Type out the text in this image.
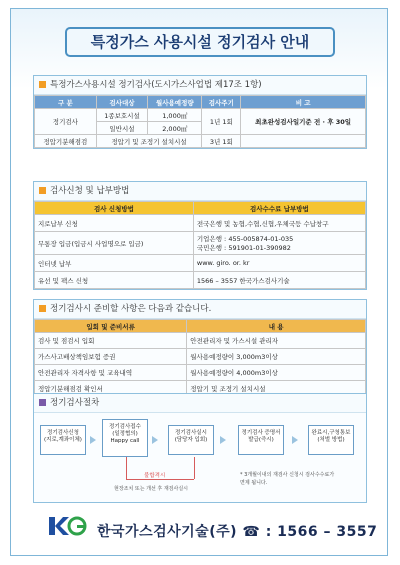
특정가스 사용시설 정기검사 안내
특정가스사용시설 정기검사(도시가스사업법 제17조 1항)
구 분	검사대상	월사용예정량	검사주기	비 고
정기검사	1종보호시설	1,000㎥	1년 1회	최초완성검사일기준 전 · 후 30일
	일반시설	2,000㎥		
정압기분해점검	정압기 및 조정기 설치시설		3년 1회	
검사신청 및 납부방법
검사 신청방법	검사수수료 납부방법
지로납부 신청	전국은행 및 농협,수협,신협,우체국등 수납창구
무통장 입금(입금시 사업명으로 입금)	기업은행 : 455-005874-01-035
국민은행 : 591901-01-390982
인터넷 납부	www. giro. or. kr
유선 및 팩스 신청	1566 – 3557 한국가스검사기술
정기검사시 준비할 사항은 다음과 같습니다.
입회 및 준비서류	내 용
검사 및 점검시 입회	안전관리자 및 가스시설 관리자
가스사고배상책임보험 증권	월사용예정량이 3,000m3이상
안전관리자 자격사항 및 교육내역	월사용예정량이 4,000m3이상
정압기분해점검 확인서	정압기 및 조정기 설치시설
정기검사절차
정기검사신청
(지로,계좌이체)
정기검사접수
(일정협의)
Happy call
정기검사실시
(담당자 입회)
정기검사 증명서
발급(즉시)
완료시,구청통보
(처벌 방법)
불합격시
현장조치 또는 개선 후 재검사실시
* 3개월이내의 재검사 신청시 검사수수료가
면제 됩니다.
한국가스검사기술(주) ☎ : 1566 – 3557
